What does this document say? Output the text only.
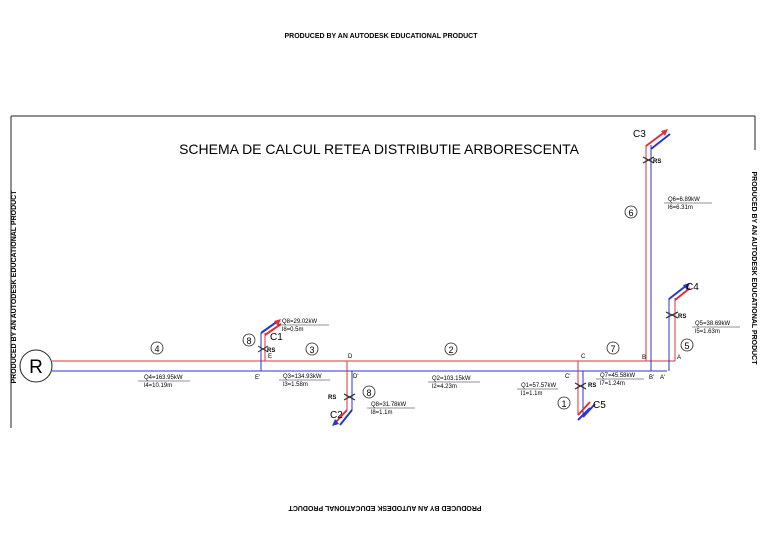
PRODUCED BY AN AUTODESK EDUCATIONAL PRODUCT
PRODUCED BY AN AUTODESK EDUCATIONAL PRODUCT
PRODUCED BY AN AUTODESK EDUCATIONAL PRODUCT	PRODUCED BY AN AUTODESK EDUCATIONAL PRODUCT
SCHEMA DE CALCUL RETEA DISTRIBUTIE ARBORESCENTA
R
C3
C4
C1
C2
C5
RS
RS
RS
RS
RS
B	A
B' A'
C
C'
D
D'
E
E'
4	3	2	7	5
6
8
8
1
Q4=163.95kW
l4=10.19m
Q3=134.93kW
l3=1.58m
Q2=103.15kW
l2=4.23m	Q1=57.57kW
l1=1.1m
Q7=45.58kW
l7=1.24m
Q5=38.69kW
l5=1.63m
Q6=6.89kW
l6=6.31m
Q8=29.02kW
l8=0.5m
Q8=31.78kW
l8=1.1m
